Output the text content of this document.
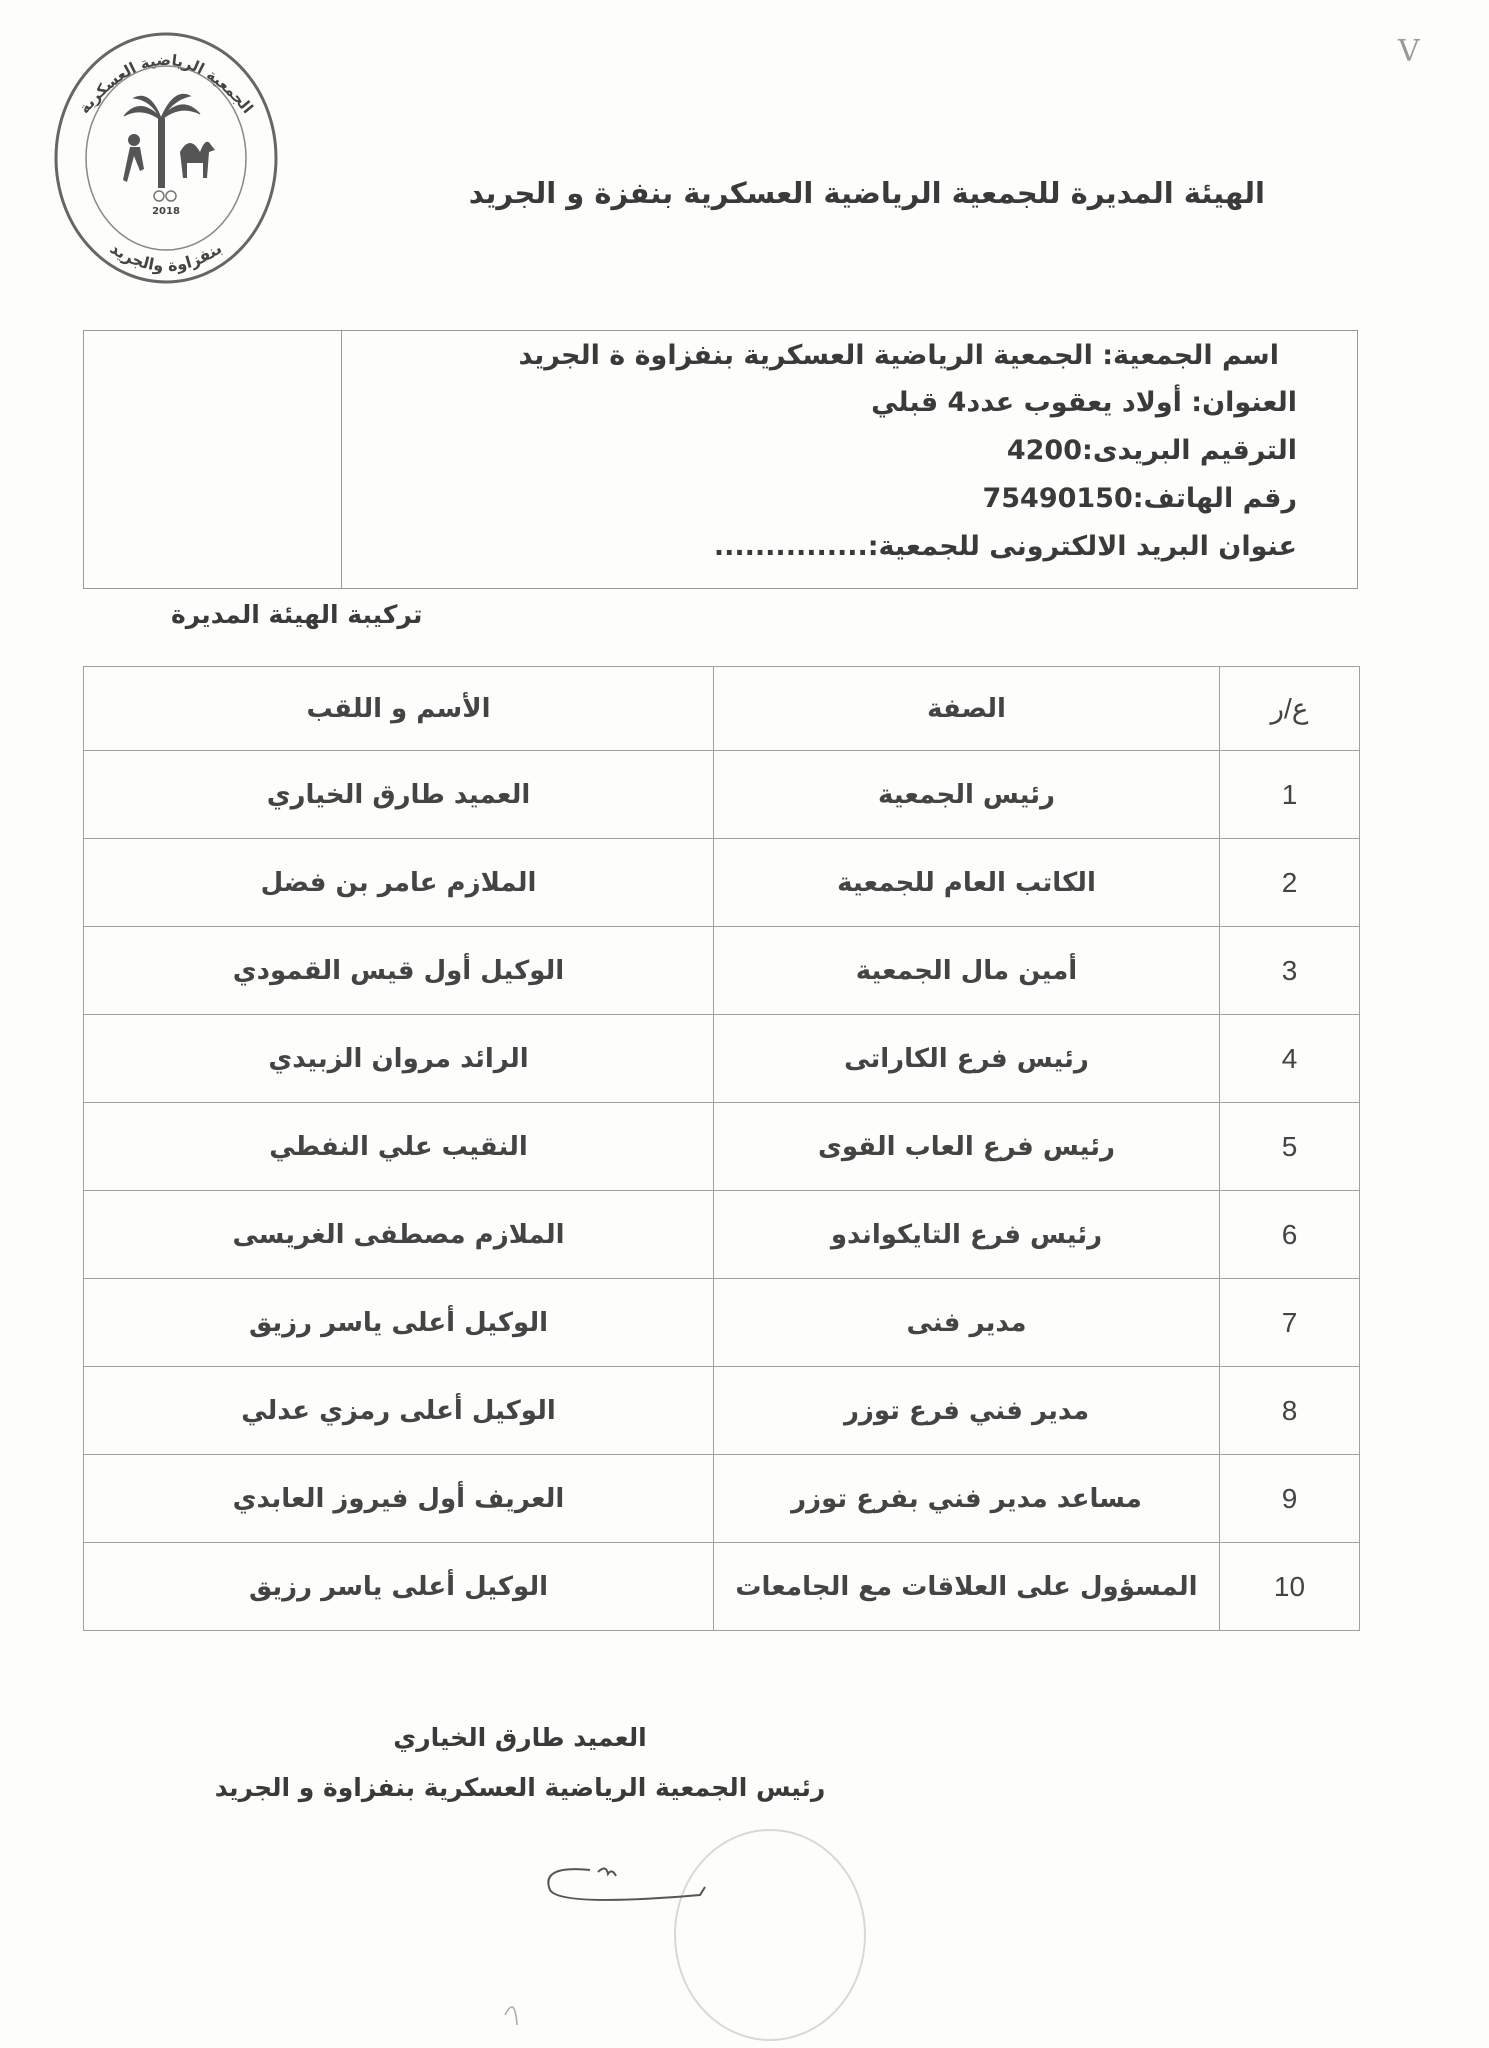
الجمعية الرياضية العسكرية
بنفزاوة والجريد
2018
V
الهيئة المديرة للجمعية الرياضية العسكرية بنفزة و الجريد
اسم الجمعية: الجمعية الرياضية العسكرية بنفزاوة ة الجريد
العنوان: أولاد يعقوب عدد4 قبلي
الترقيم البريدى:4200
رقم الهاتف:75490150
عنوان البريد الالكترونى للجمعية:...............
تركيبة الهيئة المديرة
ع/ر	الصفة	الأسم و اللقب
1	رئيس الجمعية	العميد طارق الخياري
2	الكاتب العام للجمعية	الملازم عامر بن فضل
3	أمين مال الجمعية	الوكيل أول قيس القمودي
4	رئيس فرع الكاراتى	الرائد مروان الزبيدي
5	رئيس فرع العاب القوى	النقيب علي النفطي
6	رئيس فرع التايكواندو	الملازم مصطفى الغريسى
7	مدير فنى	الوكيل أعلى ياسر رزيق
8	مدير فني فرع توزر	الوكيل أعلى رمزي عدلي
9	مساعد مدير فني بفرع توزر	العريف أول فيروز العابدي
10	المسؤول على العلاقات مع الجامعات	الوكيل أعلى ياسر رزيق
العميد طارق الخياري
رئيس الجمعية الرياضية العسكرية بنفزاوة و الجريد
